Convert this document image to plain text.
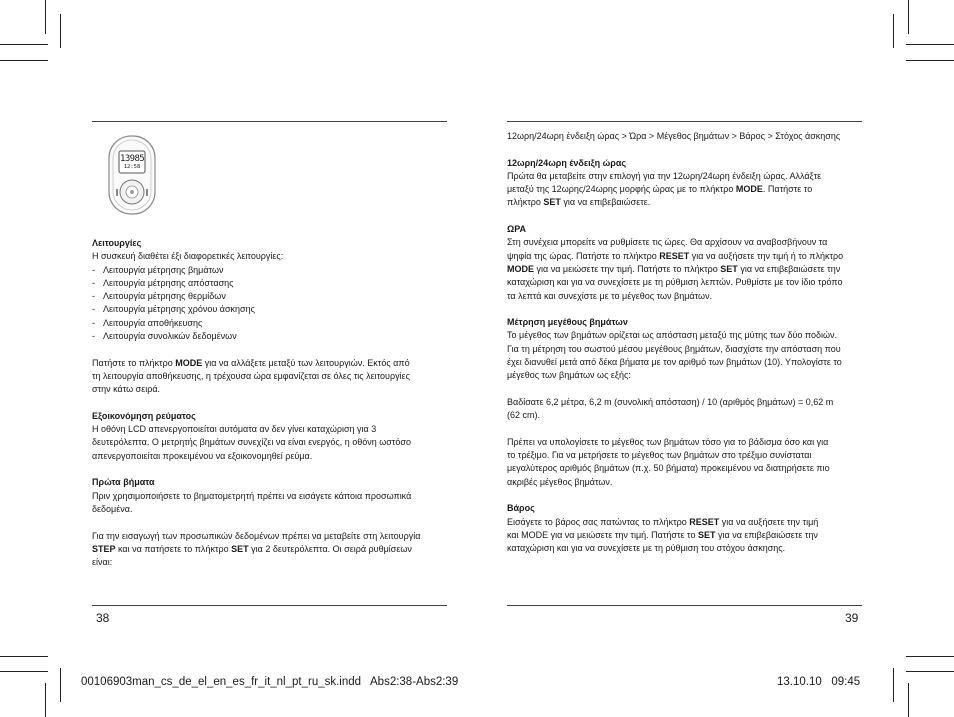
13985
12:58

Λειτουργίες

Η συσκευή διαθέτει έξι διαφορετικές λειτουργίες:

- Λειτουργία μέτρησης βημάτων
- Λειτουργία μέτρησης απόστασης
- Λειτουργία μέτρησης θερμίδων
- Λειτουργία μέτρησης χρόνου άσκησης
- Λειτουργία αποθήκευσης
- Λειτουργία συνολικών δεδομένων

Πατήστε το πλήκτρο MODE για να αλλάξετε μεταξύ των λειτουργιών. Εκτός από

τη λειτουργία αποθήκευσης, η τρέχουσα ώρα εμφανίζεται σε όλες τις λειτουργίες

στην κάτω σειρά.

Εξοικονόμηση ρεύματος

Η οθόνη LCD απενεργοποιείται αυτόματα αν δεν γίνει καταχώριση για 3

δευτερόλεπτα. Ο μετρητής βημάτων συνεχίζει να είναι ενεργός, η οθόνη ωστόσο

απενεργοποιείται προκειμένου να εξοικονομηθεί ρεύμα.

Πρώτα βήματα

Πριν χρησιμοποιήσετε το βηματομετρητή πρέπει να εισάγετε κάποια προσωπικά

δεδομένα.

Για την εισαγωγή των προσωπικών δεδομένων πρέπει να μεταβείτε στη λειτουργία

STEP και να πατήσετε το πλήκτρο SET για 2 δευτερόλεπτα. Οι σειρά ρυθμίσεων

είναι:

12ωρη/24ωρη ένδειξη ώρας > Ώρα > Μέγεθος βημάτων > Βάρος > Στόχος άσκησης

12ωρη/24ωρη ένδειξη ώρας

Πρώτα θα μεταβείτε στην επιλογή για την 12ωρη/24ωρη ένδειξη ώρας. Αλλάξτε

μεταξύ της 12ωρης/24ωρης μορφής ώρας με το πλήκτρο MODE. Πατήστε το

πλήκτρο SET για να επιβεβαιώσετε.

ΩΡΑ

Στη συνέχεια μπορείτε να ρυθμίσετε τις ώρες. Θα αρχίσουν να αναβοσβήνουν τα

ψηφία της ώρας. Πατήστε το πλήκτρο RESET για να αυξήσετε την τιμή ή το πλήκτρο

MODE για να μειώσετε την τιμή. Πατήστε το πλήκτρο SET για να επιβεβαιώσετε την

καταχώριση και για να συνεχίσετε με τη ρύθμιση λεπτών. Ρυθμίστε με τον ίδιο τρόπο

τα λεπτά και συνεχίστε με το μέγεθος των βημάτων.

Μέτρηση μεγέθους βημάτων

Το μέγεθος των βημάτων ορίζεται ως απόσταση μεταξύ της μύτης των δύο ποδιών.

Για τη μέτρηση του σωστού μέσου μεγέθους βημάτων, διασχίστε την απόσταση που

έχει διανυθεί μετά από δέκα βήματα με τον αριθμό των βημάτων (10). Υπολογίστε το

μέγεθος των βημάτων ως εξής:

Βαδίσατε 6,2 μέτρα, 6,2 m (συνολική απόσταση) / 10 (αριθμός βημάτων) = 0,62 m

(62 cm).

Πρέπει να υπολογίσετε το μέγεθος των βημάτων τόσο για το βάδισμα όσο και για

το τρέξιμο. Για να μετρήσετε το μέγεθος των βημάτων στο τρέξιμο συνίσταται

μεγαλύτερος αριθμός βημάτων (π.χ. 50 βήματα) προκειμένου να διατηρήσετε πιο

ακριβές μέγεθος βημάτων.

Βάρος

Εισάγετε το βάρος σας πατώντας το πλήκτρο RESET για να αυξήσετε την τιμή

και MODE για να μειώσετε την τιμή. Πατήστε το SET για να επιβεβαιώσετε την

καταχώριση και για να συνεχίσετε με τη ρύθμιση του στόχου άσκησης.

38	39
00106903man_cs_de_el_en_es_fr_it_nl_pt_ru_sk.indd   Abs2:38-Abs2:39	13.10.10   09:45
